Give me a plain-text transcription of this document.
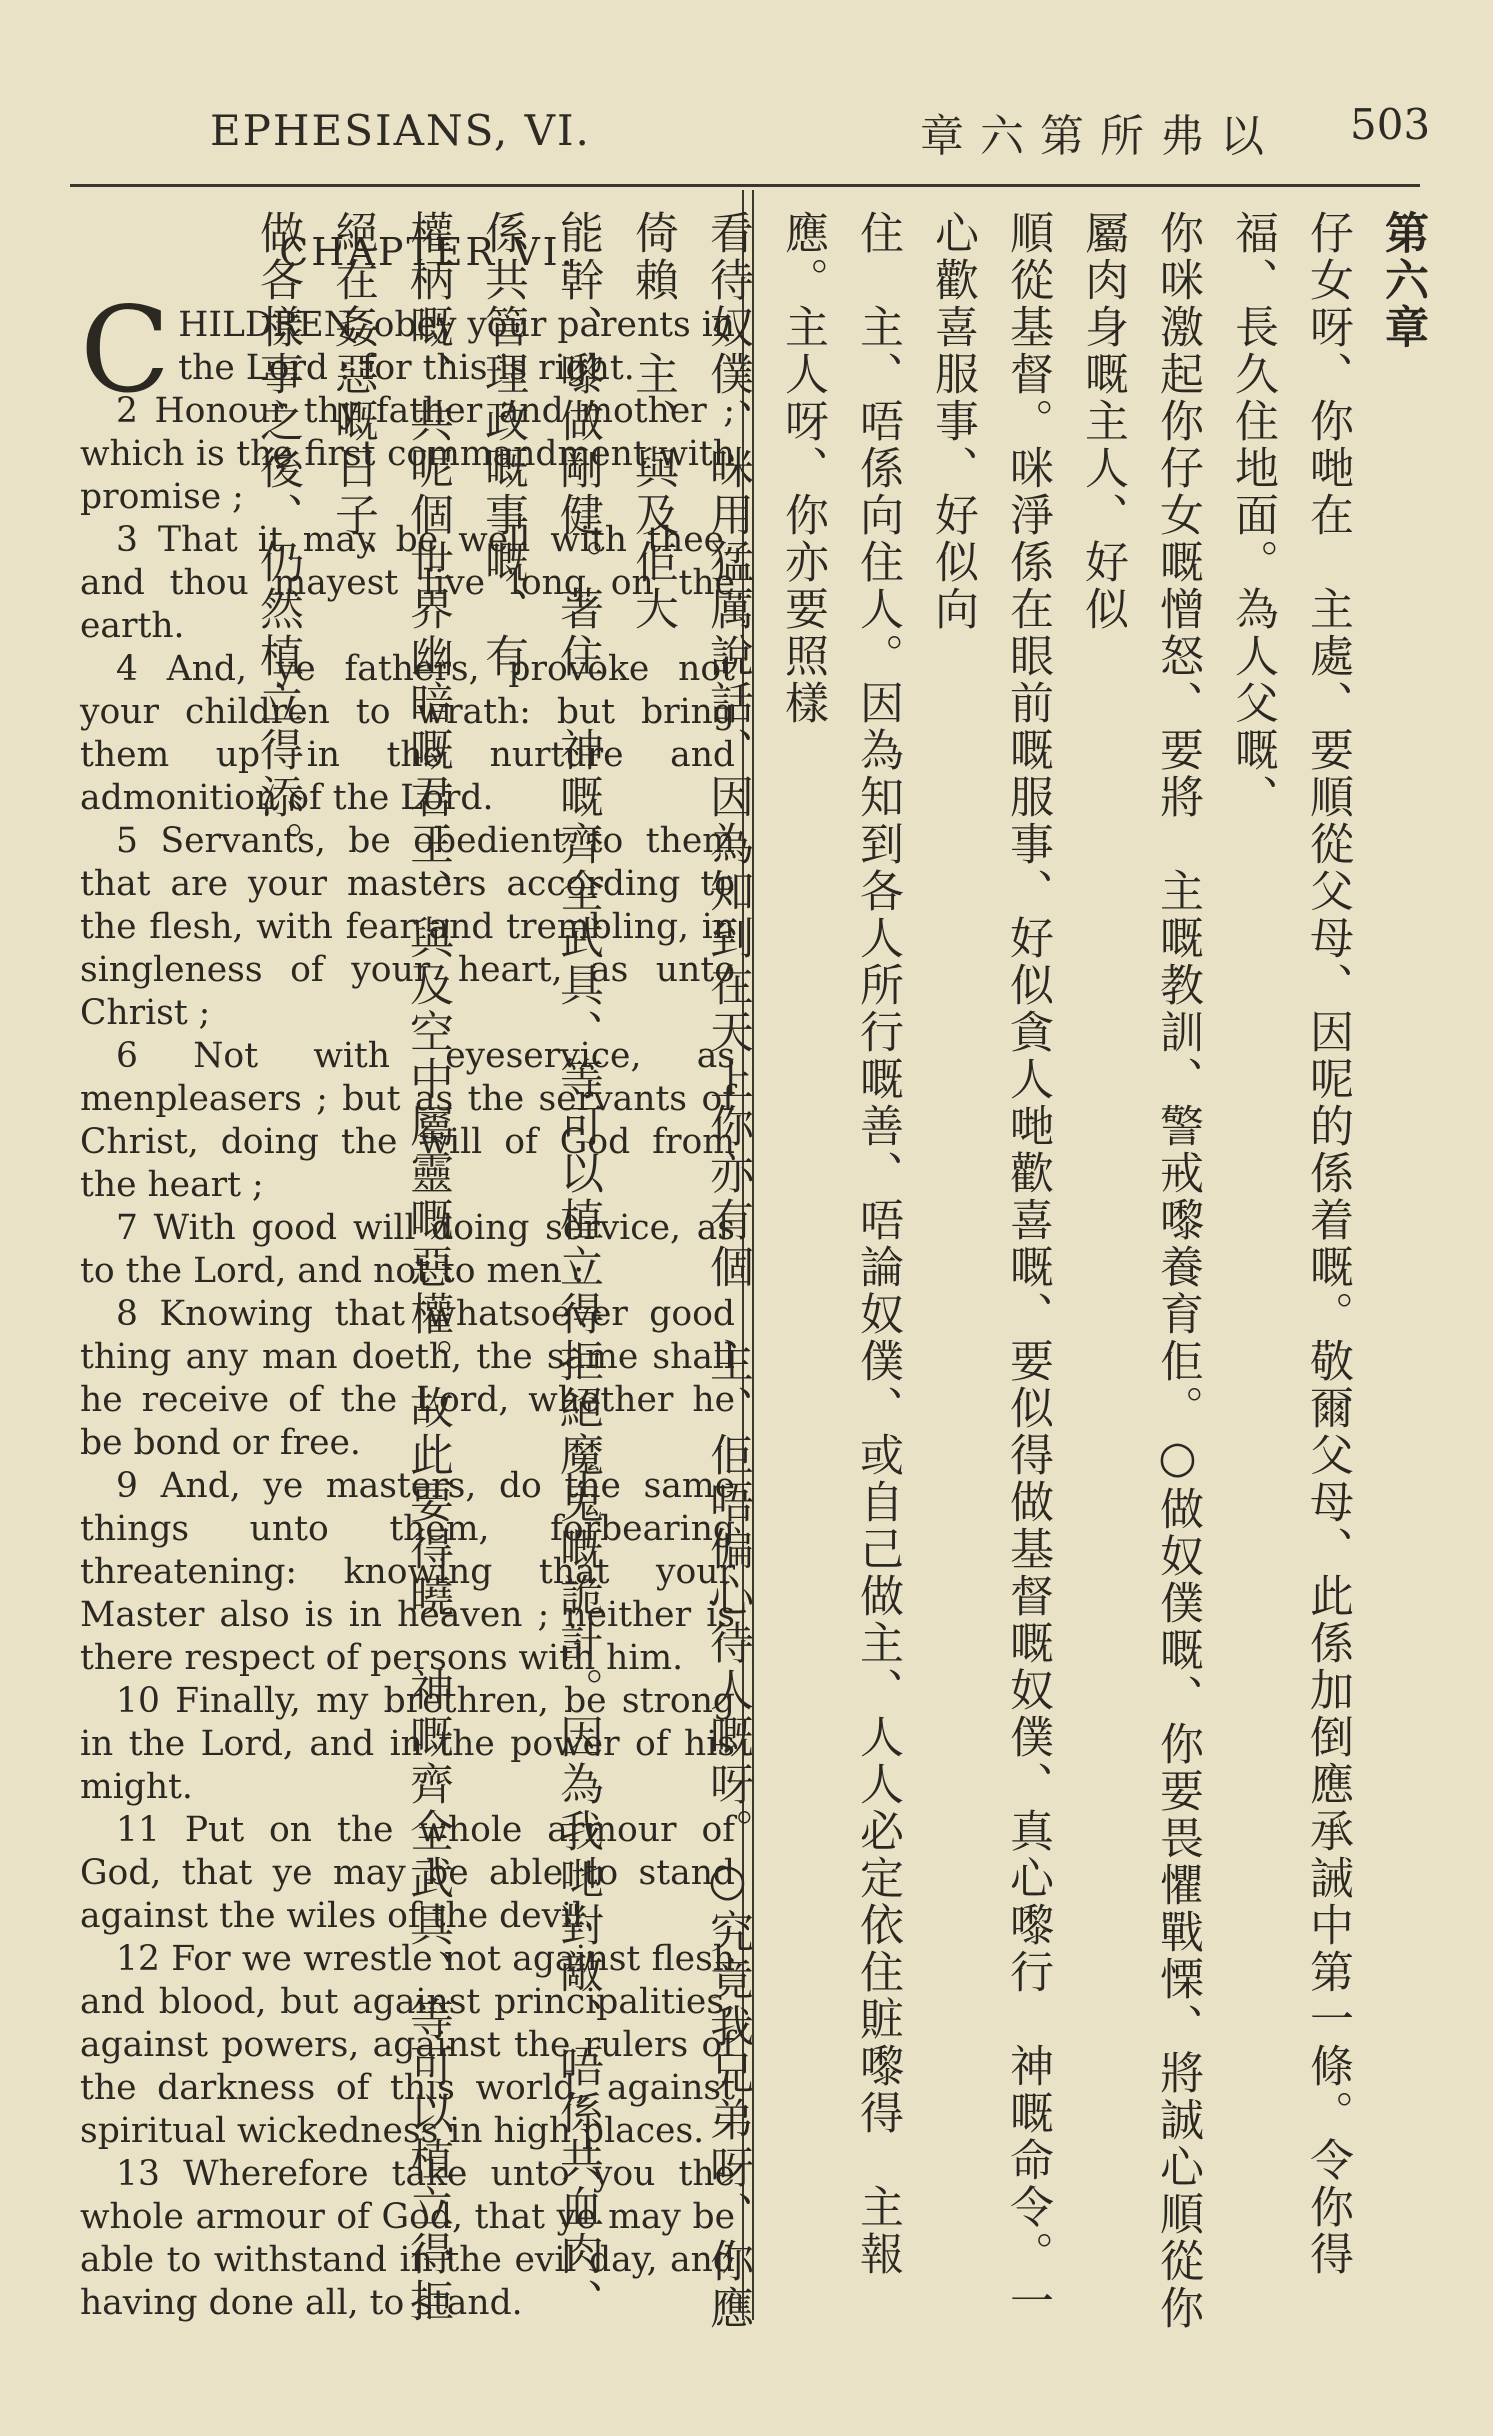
EPHESIANS, VI.	章六第所弗以 503
CHAPTER VI.

CHILDREN, obey your parents in the Lord : for this is right.

2 Honour thy father and mother ; which is the first commandment with promise ;

3 That it may be well with thee, and thou mayest live long on the earth.

4 And, ye fathers, provoke not your children to wrath: but bring them up in the nurture and admonition of the Lord.

5 Servants, be obedient to them that are your masters according to the flesh, with fear and trembling, in singleness of your heart, as unto Christ ;

6 Not with eyeservice, as menpleasers ; but as the servants of Christ, doing the will of God from the heart ;

7 With good will doing service, as to the Lord, and not to men :

8 Knowing that whatsoever good thing any man doeth, the same shall he receive of the Lord, whether he be bond or free.

9 And, ye masters, do the same things unto them, forbearing threatening: knowing that your Master also is in heaven ; neither is there respect of persons with him.

10 Finally, my brethren, be strong in the Lord, and in the power of his might.

11 Put on the whole armour of God, that ye may be able to stand against the wiles of the devil.

12 For we wrestle not against flesh and blood, but against principalities, against powers, against the rulers of the darkness of this world, against spiritual wickedness in high places.

13 Wherefore take unto you the whole armour of God, that ye may be able to withstand in the evil day, and having done all, to stand.

第六章
仔女呀、你哋在　主處、要順從父母、因呢的係着嘅。敬爾父母、此係加倒應承誡中第一條。令你得福、長久住地面。為人父嘅、
你咪激起你仔女嘅憎怒、要將　主嘅教訓、警戒嚟養育佢。○做奴僕嘅、你要畏懼戰慄、將誠心順從你屬肉身嘅主人、好似
順從基督。咪淨係在眼前嘅服事、好似貪人哋歡喜嘅、要似得做基督嘅奴僕、真心嚟行　神嘅命令。一心歡喜服事、好似向
住　主、唔係向住人。因為知到各人所行嘅善、唔論奴僕、或自己做主、人人必定依住賍嚟得　主報應。主人呀、你亦要照樣
看待奴僕、咪用猛厲說話、因為知到在天上你亦有個　主、佢唔偏心待人嘅呀。○究竟我兄弟呀、你應倚賴　主、與及佢大
能幹、嚟做剛健。著住　神嘅齊全武具、等可以植立得拒絕魔鬼嘅詭計。因為我哋對敵、唔係共血肉、係共管理政嘅事嘅、有
權柄嘅、共呢個世界幽暗嘅君王、與及空中屬靈嘅惡權。故此要得曉　神嘅齊全武具、等可以植立得拒絕在姦惡嘅日子、
做各樣事之後、仍然植立得添。
